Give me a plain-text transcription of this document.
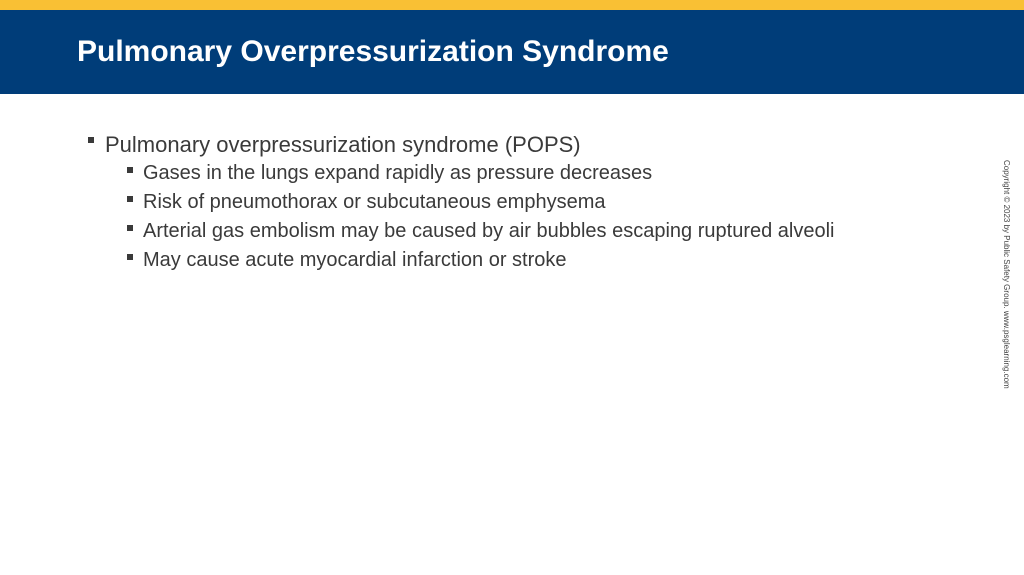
Pulmonary Overpressurization Syndrome
Pulmonary overpressurization syndrome (POPS)
Gases in the lungs expand rapidly as pressure decreases
Risk of pneumothorax or subcutaneous emphysema
Arterial gas embolism may be caused by air bubbles escaping ruptured alveoli
May cause acute myocardial infarction or stroke	Copyright © 2023 by Public Safety Group. www.psglearning.com
